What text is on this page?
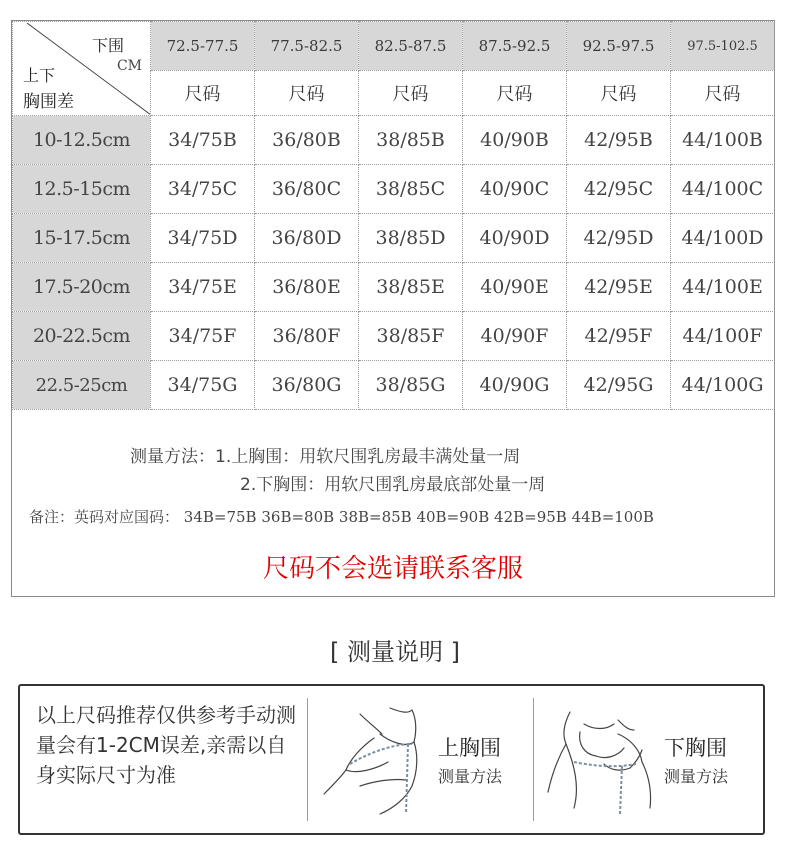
下围
CM
上下
胸围差	72.5-77.5	77.5-82.5	82.5-87.5	87.5-92.5	92.5-97.5	97.5-102.5
	尺码	尺码	尺码	尺码	尺码	尺码
10-12.5cm	34/75B	36/80B	38/85B	40/90B	42/95B	44/100B
12.5-15cm	34/75C	36/80C	38/85C	40/90C	42/95C	44/100C
15-17.5cm	34/75D	36/80D	38/85D	40/90D	42/95D	44/100D
17.5-20cm	34/75E	36/80E	38/85E	40/90E	42/95E	44/100E
20-22.5cm	34/75F	36/80F	38/85F	40/90F	42/95F	44/100F
22.5-25cm	34/75G	36/80G	38/85G	40/90G	42/95G	44/100G
测量方法：1.上胸围：用软尺围乳房最丰满处量一周
2.下胸围：用软尺围乳房最底部处量一周
备注：英码对应国码： 34B=75B 36B=80B 38B=85B 40B=90B 42B=95B 44B=100B
尺码不会选请联系客服
[ 测量说明 ]
以上尺码推荐仅供参考手动测量会有1-2CM误差,亲需以自身实际尺寸为准
上胸围
测量方法
下胸围
测量方法
